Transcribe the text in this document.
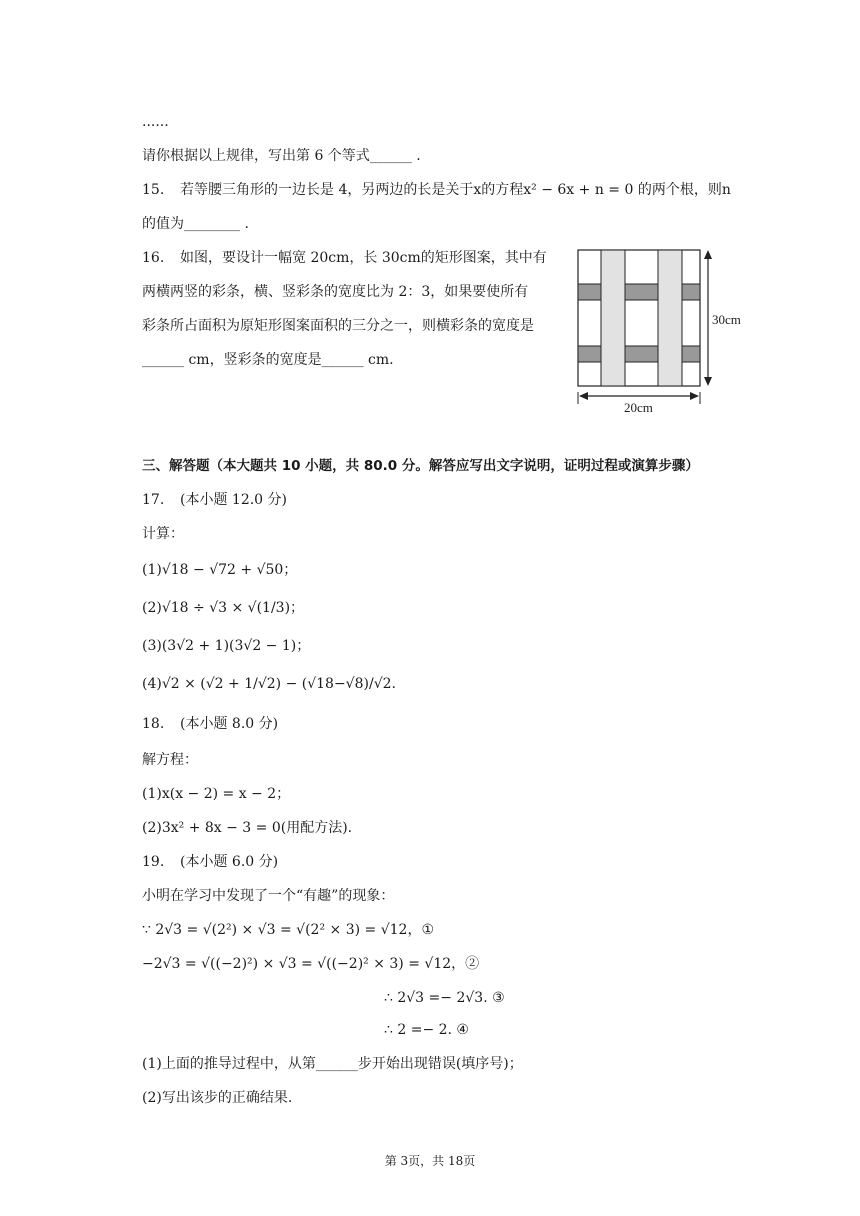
......
请你根据以上规律，写出第 6 个等式______ .
15. 若等腰三角形的一边长是 4，另两边的长是关于x的方程x² − 6x + n = 0 的两个根，则n
的值为________ .
16. 如图，要设计一幅宽 20cm，长 30cm的矩形图案，其中有
两横两竖的彩条，横、竖彩条的宽度比为 2：3，如果要使所有
彩条所占面积为原矩形图案面积的三分之一，则横彩条的宽度是
______ cm，竖彩条的宽度是______ cm.
30cm
20cm
三、解答题（本大题共 10 小题，共 80.0 分。解答应写出文字说明，证明过程或演算步骤）
17. (本小题 12.0 分)
计算：
(1)√18 − √72 + √50；
(2)√18 ÷ √3 × √(1/3)；
(3)(3√2 + 1)(3√2 − 1)；
(4)√2 × (√2 + 1/√2) − (√18−√8)/√2.
18. (本小题 8.0 分)
解方程：
(1)x(x − 2) = x − 2；
(2)3x² + 8x − 3 = 0(用配方法).
19. (本小题 6.0 分)
小明在学习中发现了一个“有趣”的现象：
∵ 2√3 = √(2²) × √3 = √(2² × 3) = √12，①
−2√3 = √((−2)²) × √3 = √((−2)² × 3) = √12，②
∴ 2√3 =− 2√3. ③
∴ 2 =− 2. ④
(1)上面的推导过程中，从第______步开始出现错误(填序号)；
(2)写出该步的正确结果.
第 3页，共 18页
